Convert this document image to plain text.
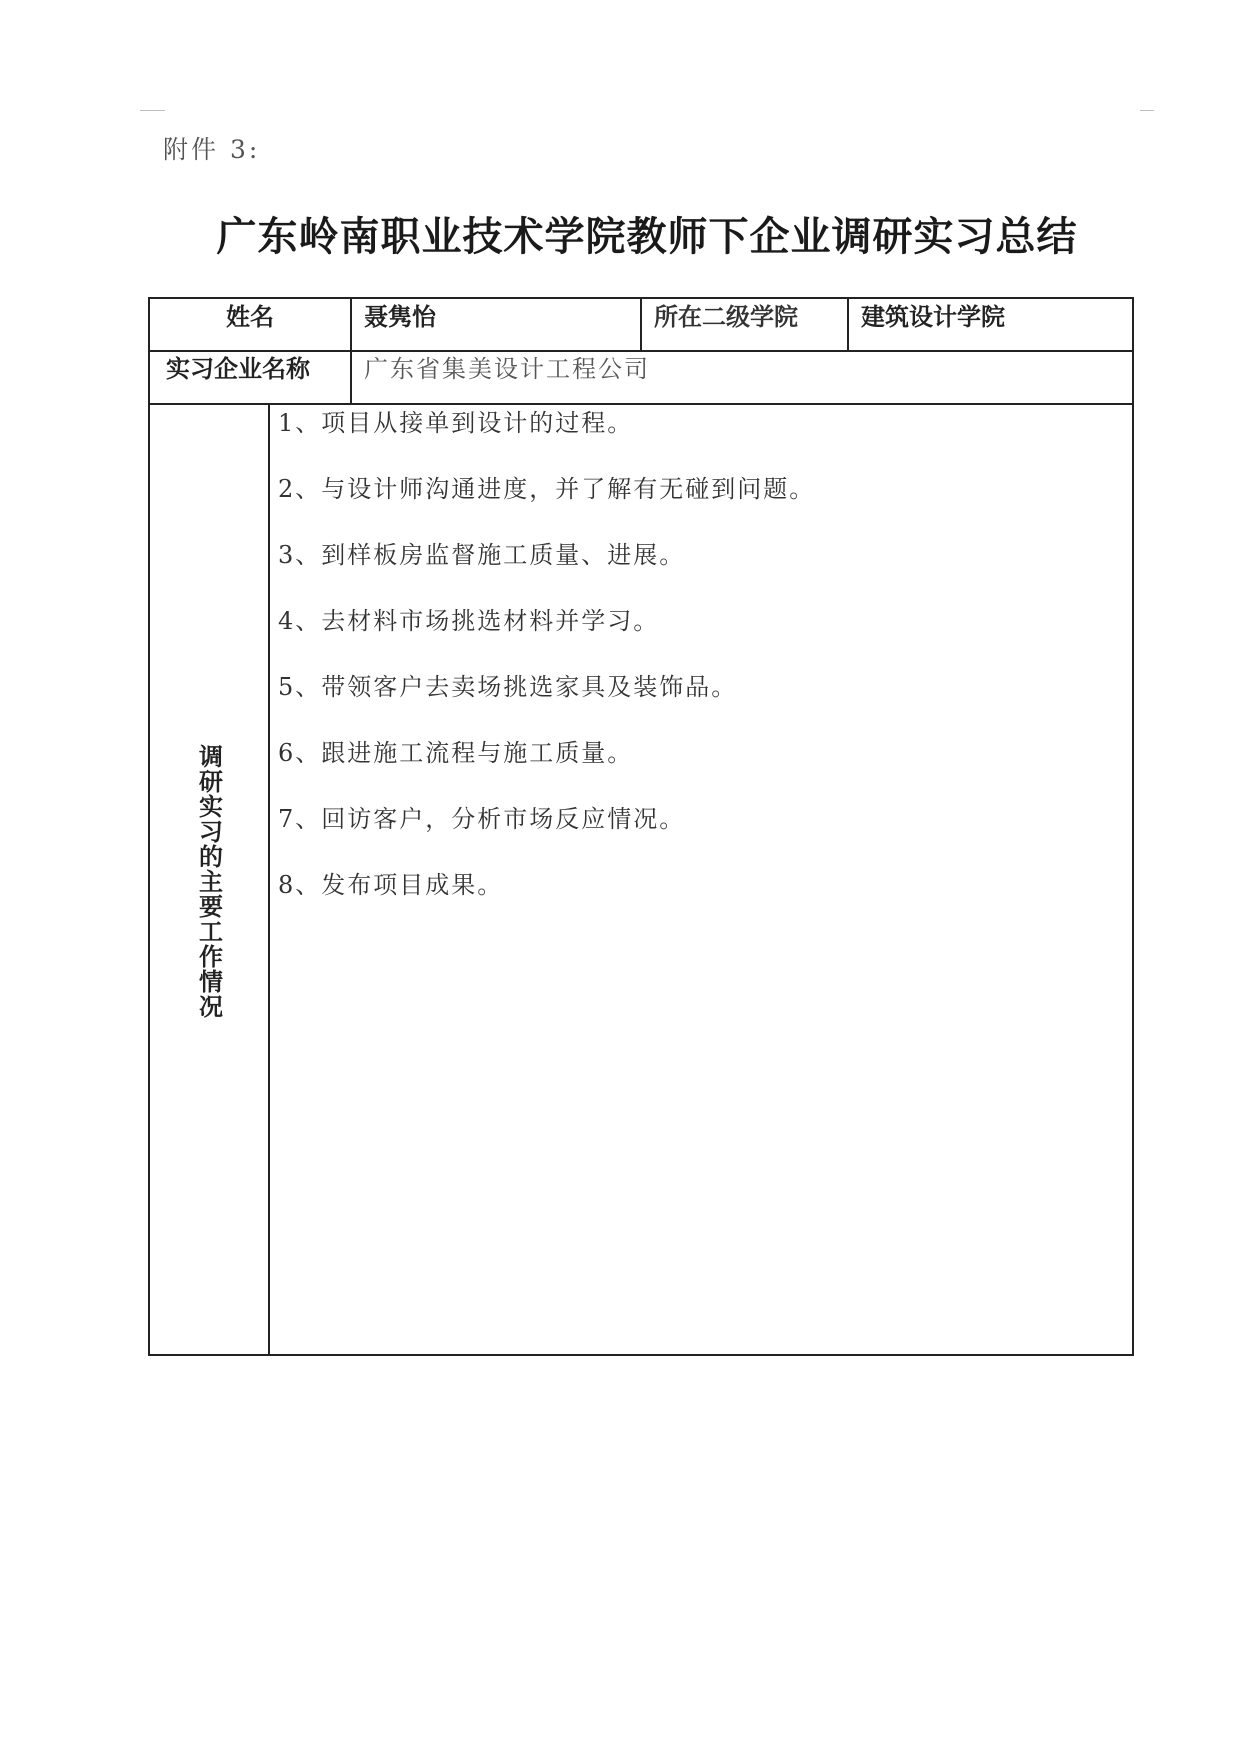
附件 3:
广东岭南职业技术学院教师下企业调研实习总结
姓名	聂隽怡	所在二级学院	建筑设计学院
实习企业名称 广东省集美设计工程公司
调研实习的主要工作情况
1、项目从接单到设计的过程。
2、与设计师沟通进度，并了解有无碰到问题。
3、到样板房监督施工质量、进展。
4、去材料市场挑选材料并学习。
5、带领客户去卖场挑选家具及装饰品。
6、跟进施工流程与施工质量。
7、回访客户，分析市场反应情况。
8、发布项目成果。
